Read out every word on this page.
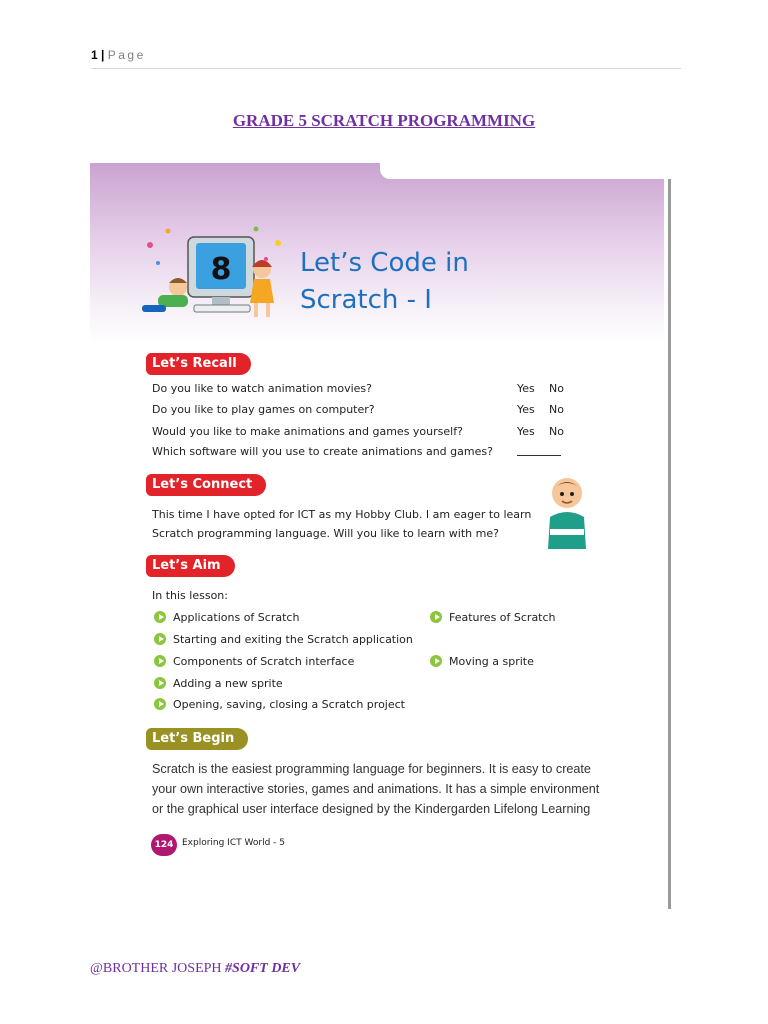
1 | Page
GRADE 5 SCRATCH PROGRAMMING
8	Let’s Code in
Scratch - I
Let’s Recall
Do you like to watch animation movies?	Yes No
Do you like to play games on computer?	Yes No
Would you like to make animations and games yourself?	Yes No
Which software will you use to create animations and games?
Let’s Connect
This time I have opted for ICT as my Hobby Club. I am eager to learn
Scratch programming language. Will you like to learn with me?
Let’s Aim
In this lesson:
Applications of Scratch
Starting and exiting the Scratch application
Components of Scratch interface
Adding a new sprite
Opening, saving, closing a Scratch project
Features of Scratch
Moving a sprite
Let’s Begin
Scratch is the easiest programming language for beginners. It is easy to create
your own interactive stories, games and animations. It has a simple environment
or the graphical user interface designed by the Kindergarden Lifelong Learning
124 Exploring ICT World - 5
@BROTHER JOSEPH #SOFT DEV
